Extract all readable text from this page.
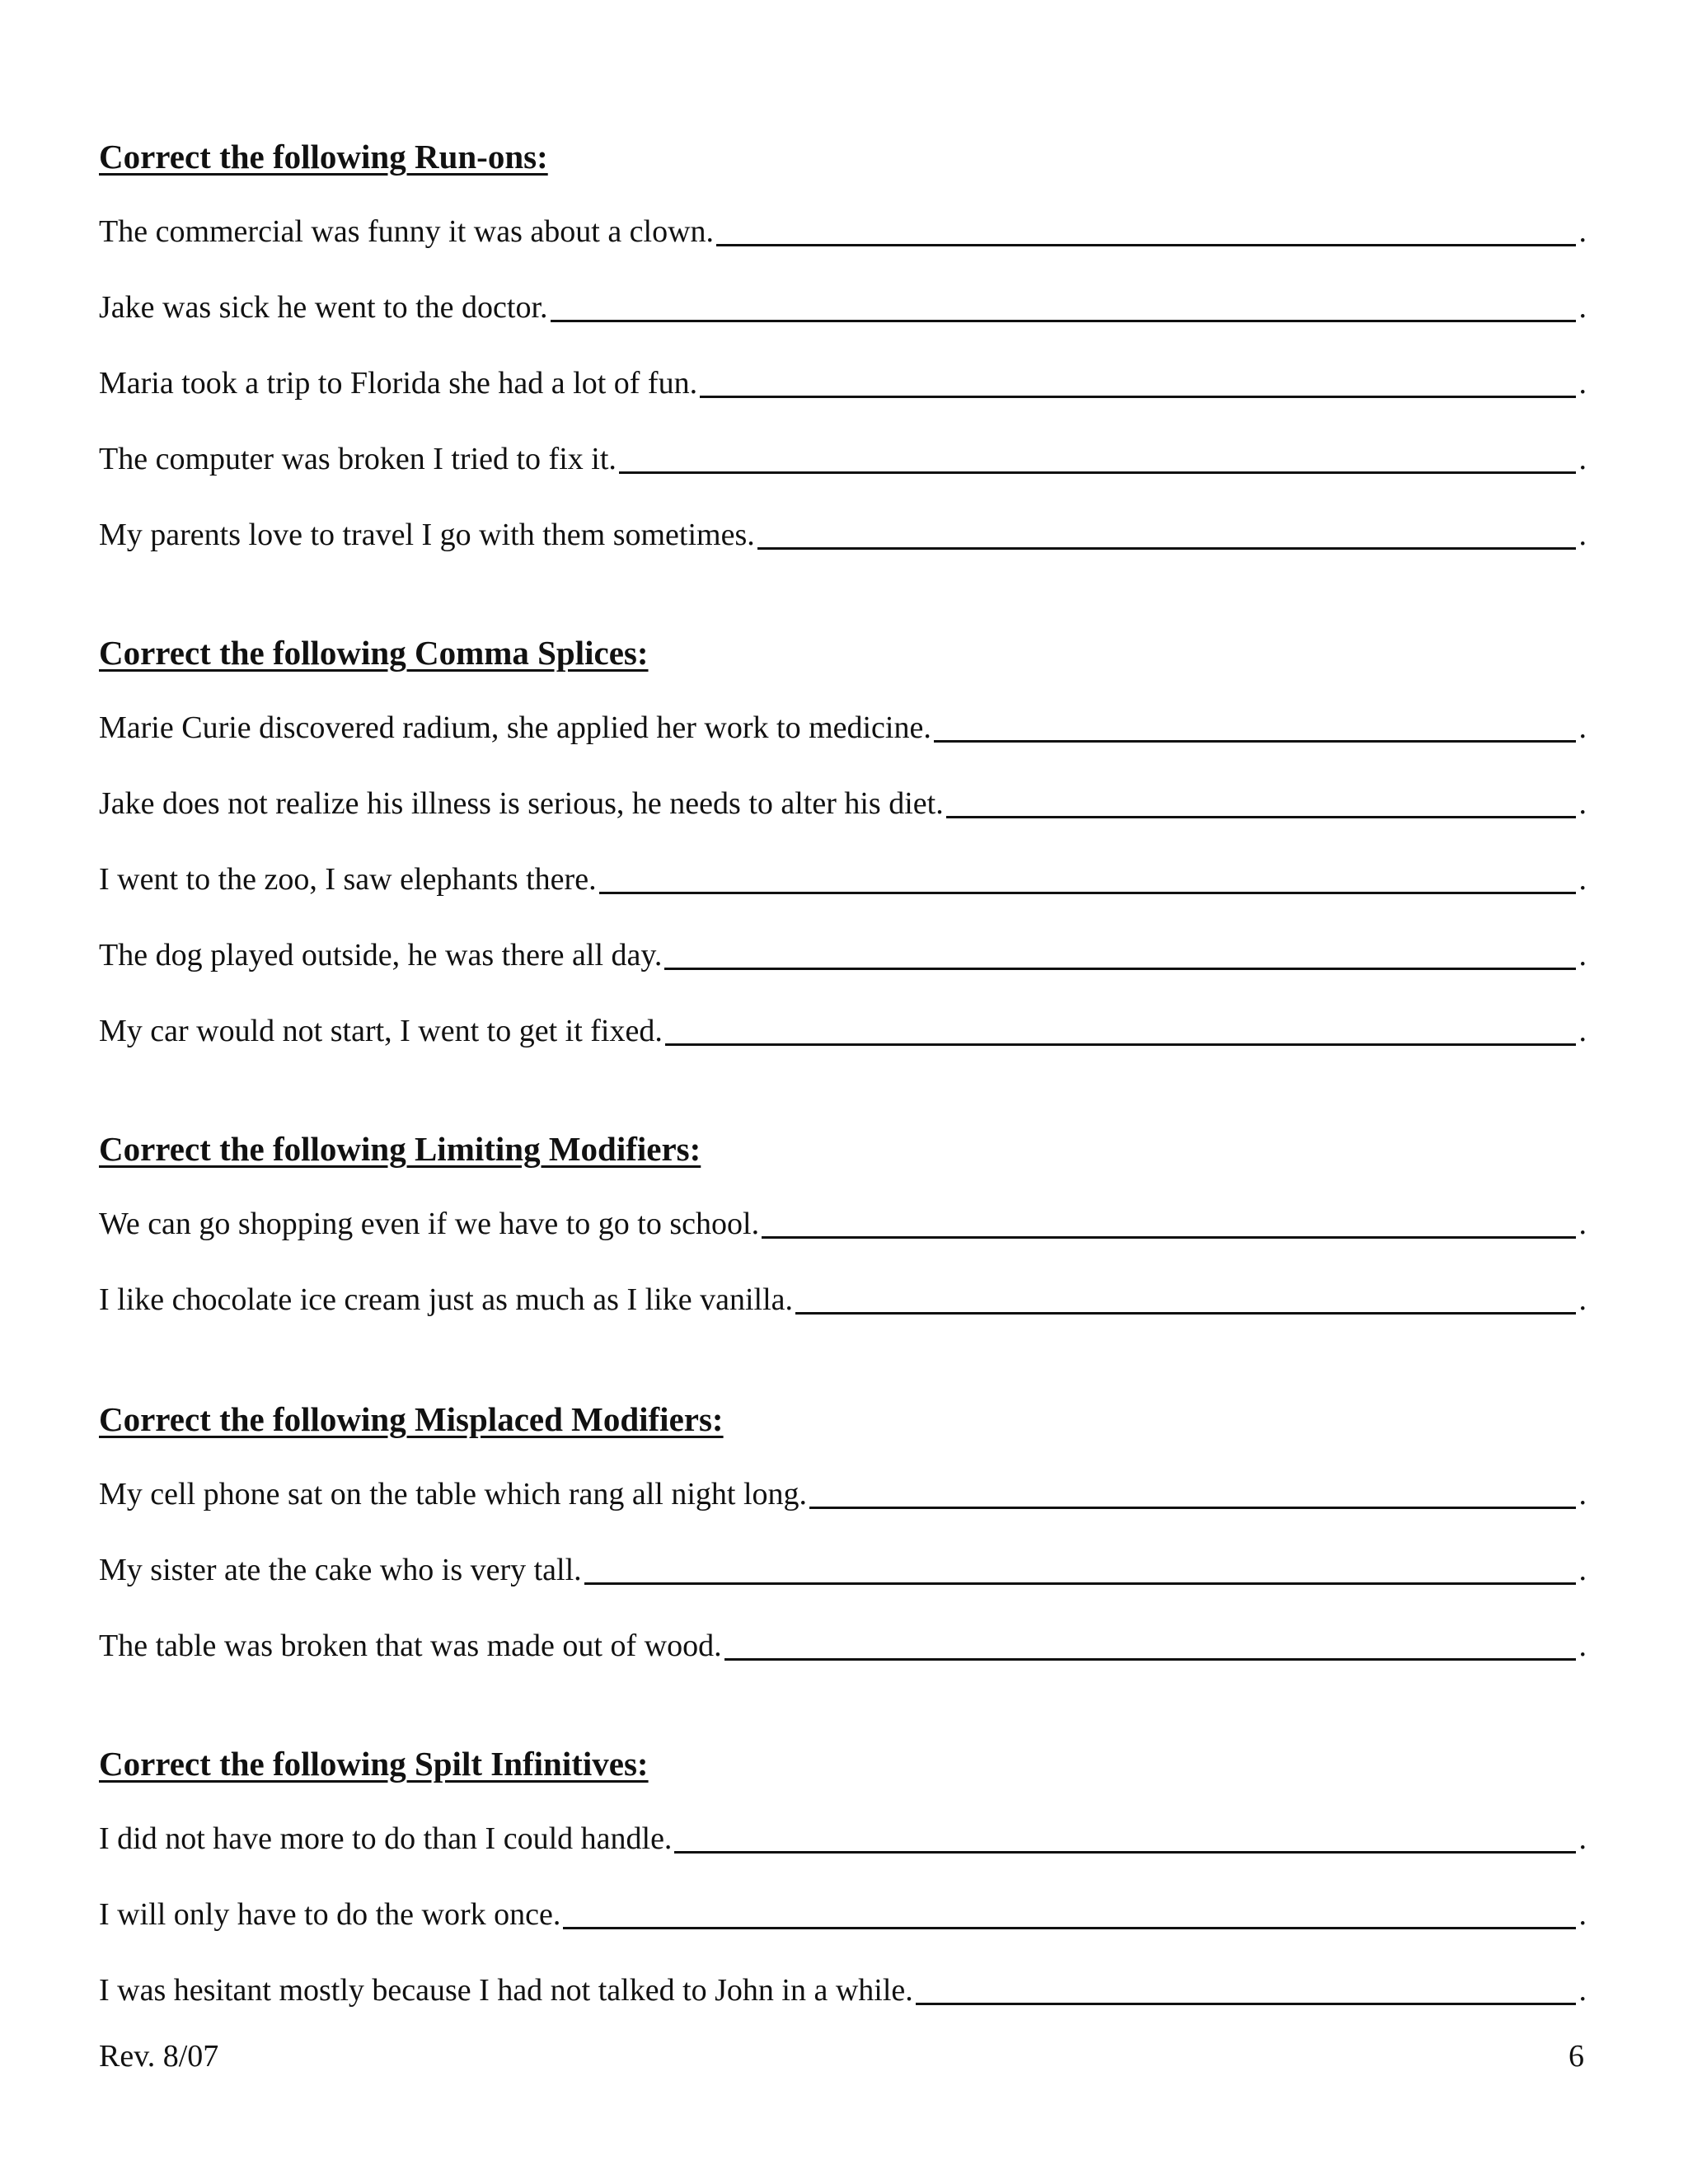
Correct the following Run-ons:
The commercial was funny it was about a clown.	.
Jake was sick he went to the doctor.	.
Maria took a trip to Florida she had a lot of fun.	.
The computer was broken I tried to fix it.	.
My parents love to travel I go with them sometimes.	.
Correct the following Comma Splices:
Marie Curie discovered radium, she applied her work to medicine.	.
Jake does not realize his illness is serious, he needs to alter his diet.	.
I went to the zoo, I saw elephants there.	.
The dog played outside, he was there all day.	.
My car would not start, I went to get it fixed.	.
Correct the following Limiting Modifiers:
We can go shopping even if we have to go to school.	.
I like chocolate ice cream just as much as I like vanilla.	.
Correct the following Misplaced Modifiers:
My cell phone sat on the table which rang all night long.	.
My sister ate the cake who is very tall.	.
The table was broken that was made out of wood.	.
Correct the following Spilt Infinitives:
I did not have more to do than I could handle.	.
I will only have to do the work once.	.
I was hesitant mostly because I had not talked to John in a while.	.
Rev. 8/07	6
